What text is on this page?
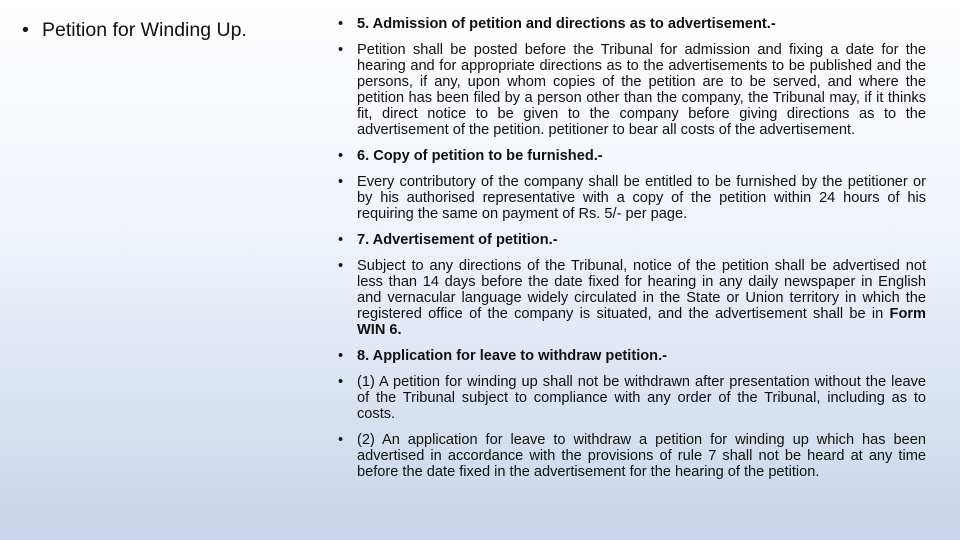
• Petition for Winding Up.	• 5. Admission of petition and directions as to advertisement.-
• Petition shall be posted before the Tribunal for admission and fixing a date for the hearing and for appropriate directions as to the advertisements to be published and the persons, if any, upon whom copies of the petition are to be served, and where the petition has been filed by a person other than the company, the Tribunal may, if it thinks fit, direct notice to be given to the company before giving directions as to the advertisement of the petition. petitioner to bear all costs of the advertisement.
• 6. Copy of petition to be furnished.-
• Every contributory of the company shall be entitled to be furnished by the petitioner or by his authorised representative with a copy of the petition within 24 hours of his requiring the same on payment of Rs. 5/- per page.
• 7. Advertisement of petition.-
• Subject to any directions of the Tribunal, notice of the petition shall be advertised not less than 14 days before the date fixed for hearing in any daily newspaper in English and vernacular language widely circulated in the State or Union territory in which the registered office of the company is situated, and the advertisement shall be in Form WIN 6.
• 8. Application for leave to withdraw petition.-
• (1) A petition for winding up shall not be withdrawn after presentation without the leave of the Tribunal subject to compliance with any order of the Tribunal, including as to costs.
• (2) An application for leave to withdraw a petition for winding up which has been advertised in accordance with the provisions of rule 7 shall not be heard at any time before the date fixed in the advertisement for the hearing of the petition.
